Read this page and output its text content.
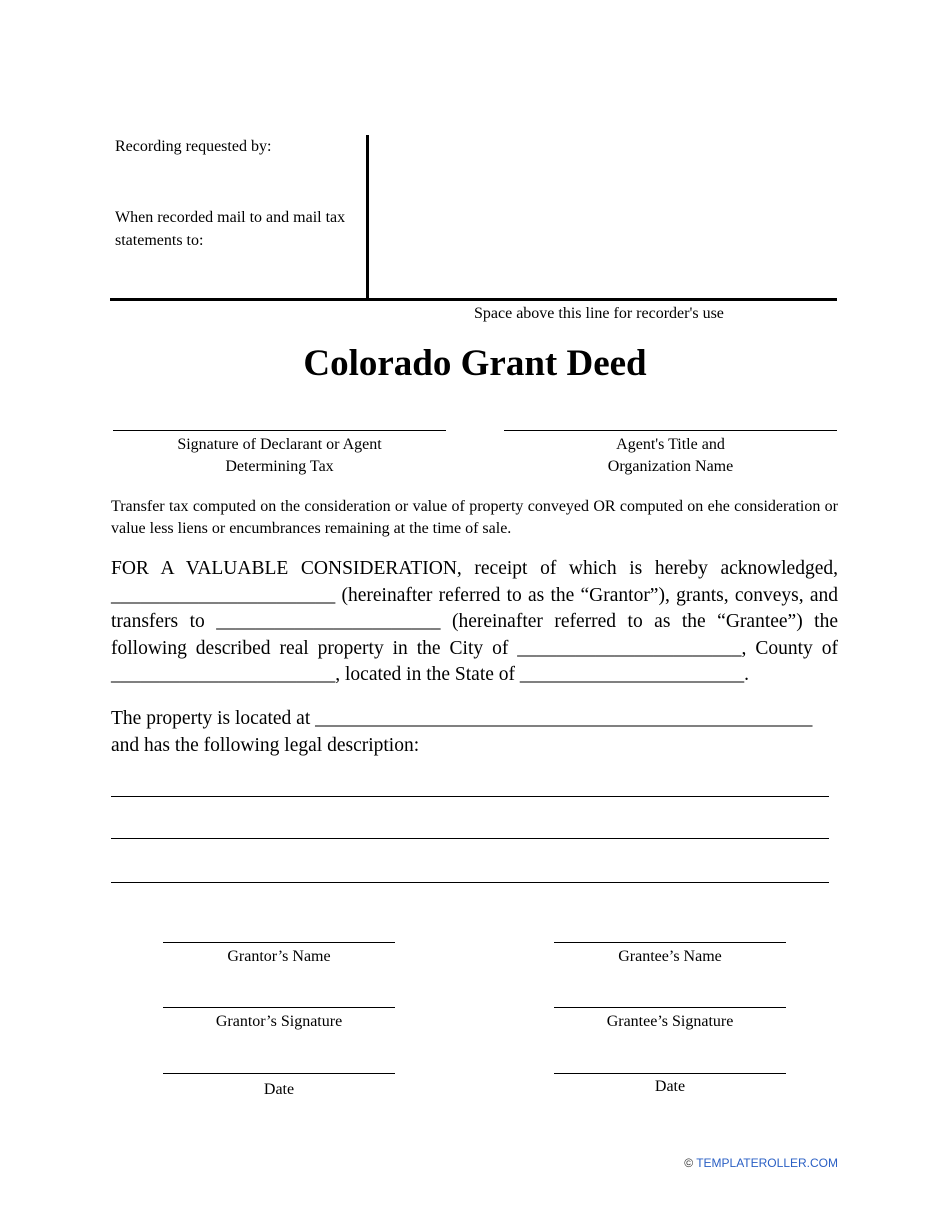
Recording requested by:
When recorded mail to and mail tax statements to:
Space above this line for recorder's use
Colorado Grant Deed
Signature of Declarant or Agent
Determining Tax
Agent's Title and
Organization Name
Transfer tax computed on the consideration or value of property conveyed OR computed on ehe consideration or value less liens or encumbrances remaining at the time of sale.
FOR A VALUABLE CONSIDERATION, receipt of which is hereby acknowledged, _______________________ (hereinafter referred to as the “Grantor”), grants, conveys, and transfers to _______________________ (hereinafter referred to as the “Grantee”) the following described real property in the City of _______________________, County of _______________________, located in the State of _______________________.
The property is located at ___________________________________________________
and has the following legal description:
Grantor’s Name	Grantee’s Name
Grantor’s Signature	Grantee’s Signature
Date	Date
© TEMPLATEROLLER.COM
